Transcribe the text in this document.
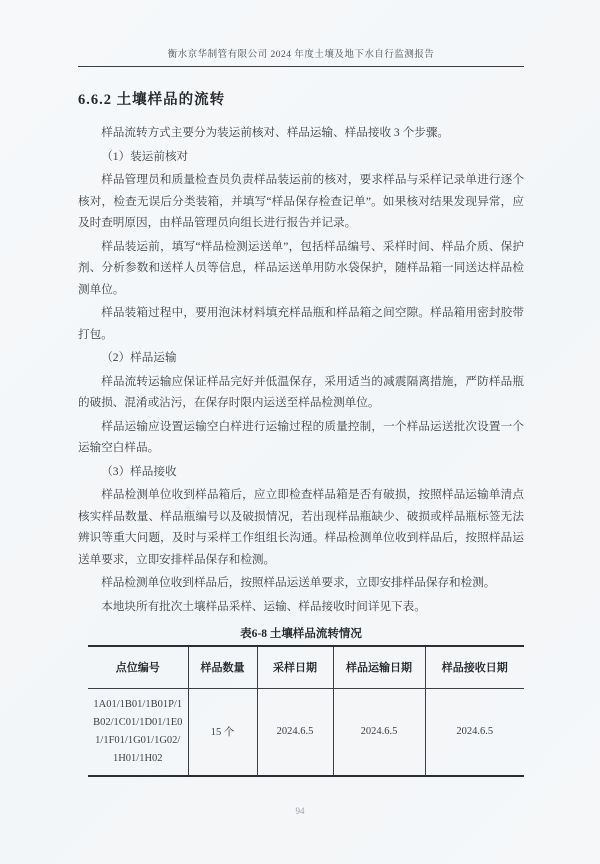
衡水京华制管有限公司 2024 年度土壤及地下水自行监测报告
6.6.2 土壤样品的流转

样品流转方式主要分为装运前核对、样品运输、样品接收 3 个步骤。

（1）装运前核对

样品管理员和质量检查员负责样品装运前的核对，要求样品与采样记录单进行逐个核对，检查无误后分类装箱，并填写“样品保存检查记单”。如果核对结果发现异常，应及时查明原因，由样品管理员向组长进行报告并记录。

样品装运前，填写“样品检测运送单”，包括样品编号、采样时间、样品介质、保护剂、分析参数和送样人员等信息，样品运送单用防水袋保护，随样品箱一同送达样品检测单位。

样品装箱过程中，要用泡沫材料填充样品瓶和样品箱之间空隙。样品箱用密封胶带打包。

（2）样品运输

样品流转运输应保证样品完好并低温保存，采用适当的减震隔离措施，严防样品瓶的破损、混淆或沾污，在保存时限内运送至样品检测单位。

样品运输应设置运输空白样进行运输过程的质量控制，一个样品运送批次设置一个运输空白样品。

（3）样品接收

样品检测单位收到样品箱后，应立即检查样品箱是否有破损，按照样品运输单清点核实样品数量、样品瓶编号以及破损情况，若出现样品瓶缺少、破损或样品瓶标签无法辨识等重大问题，及时与采样工作组组长沟通。样品检测单位收到样品后，按照样品运送单要求，立即安排样品保存和检测。

样品检测单位收到样品后，按照样品运送单要求，立即安排样品保存和检测。

本地块所有批次土壤样品采样、运输、样品接收时间详见下表。

表6-8 土壤样品流转情况
点位编号	样品数量	采样日期	样品运输日期	样品接收日期
1A01/1B01/1B01P/1B02/1C01/1D01/1E01/1F01/1G01/1G02/1H01/1H02	15 个	2024.6.5	2024.6.5	2024.6.5
94
